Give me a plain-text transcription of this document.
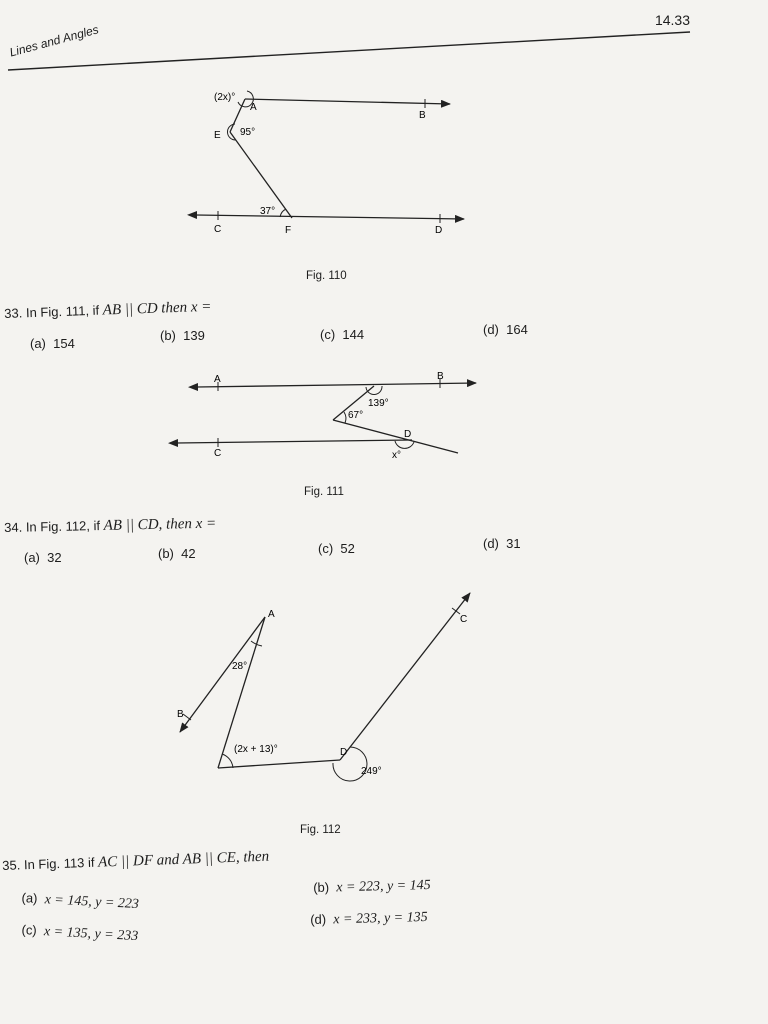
14.33
Lines and Angles
(2x)°
A
B
E 95°
37°
C	F	D
Fig. 110
33. In Fig. 111, if AB || CD then x =
(a) 154
(b) 139	(c) 144	(d) 164
A	B
139°
67°
D
C	x°
Fig. 111
34. In Fig. 112, if AB || CD, then x =
(a) 32	(b) 42	(c) 52	(d) 31
A	C
28°
B
(2x + 13)°	D
249°
Fig. 112
35. In Fig. 113 if AC || DF and AB || CE, then
(a) x = 145, y = 223
(b) x = 223, y = 145
(c) x = 135, y = 233
(d) x = 233, y = 135
